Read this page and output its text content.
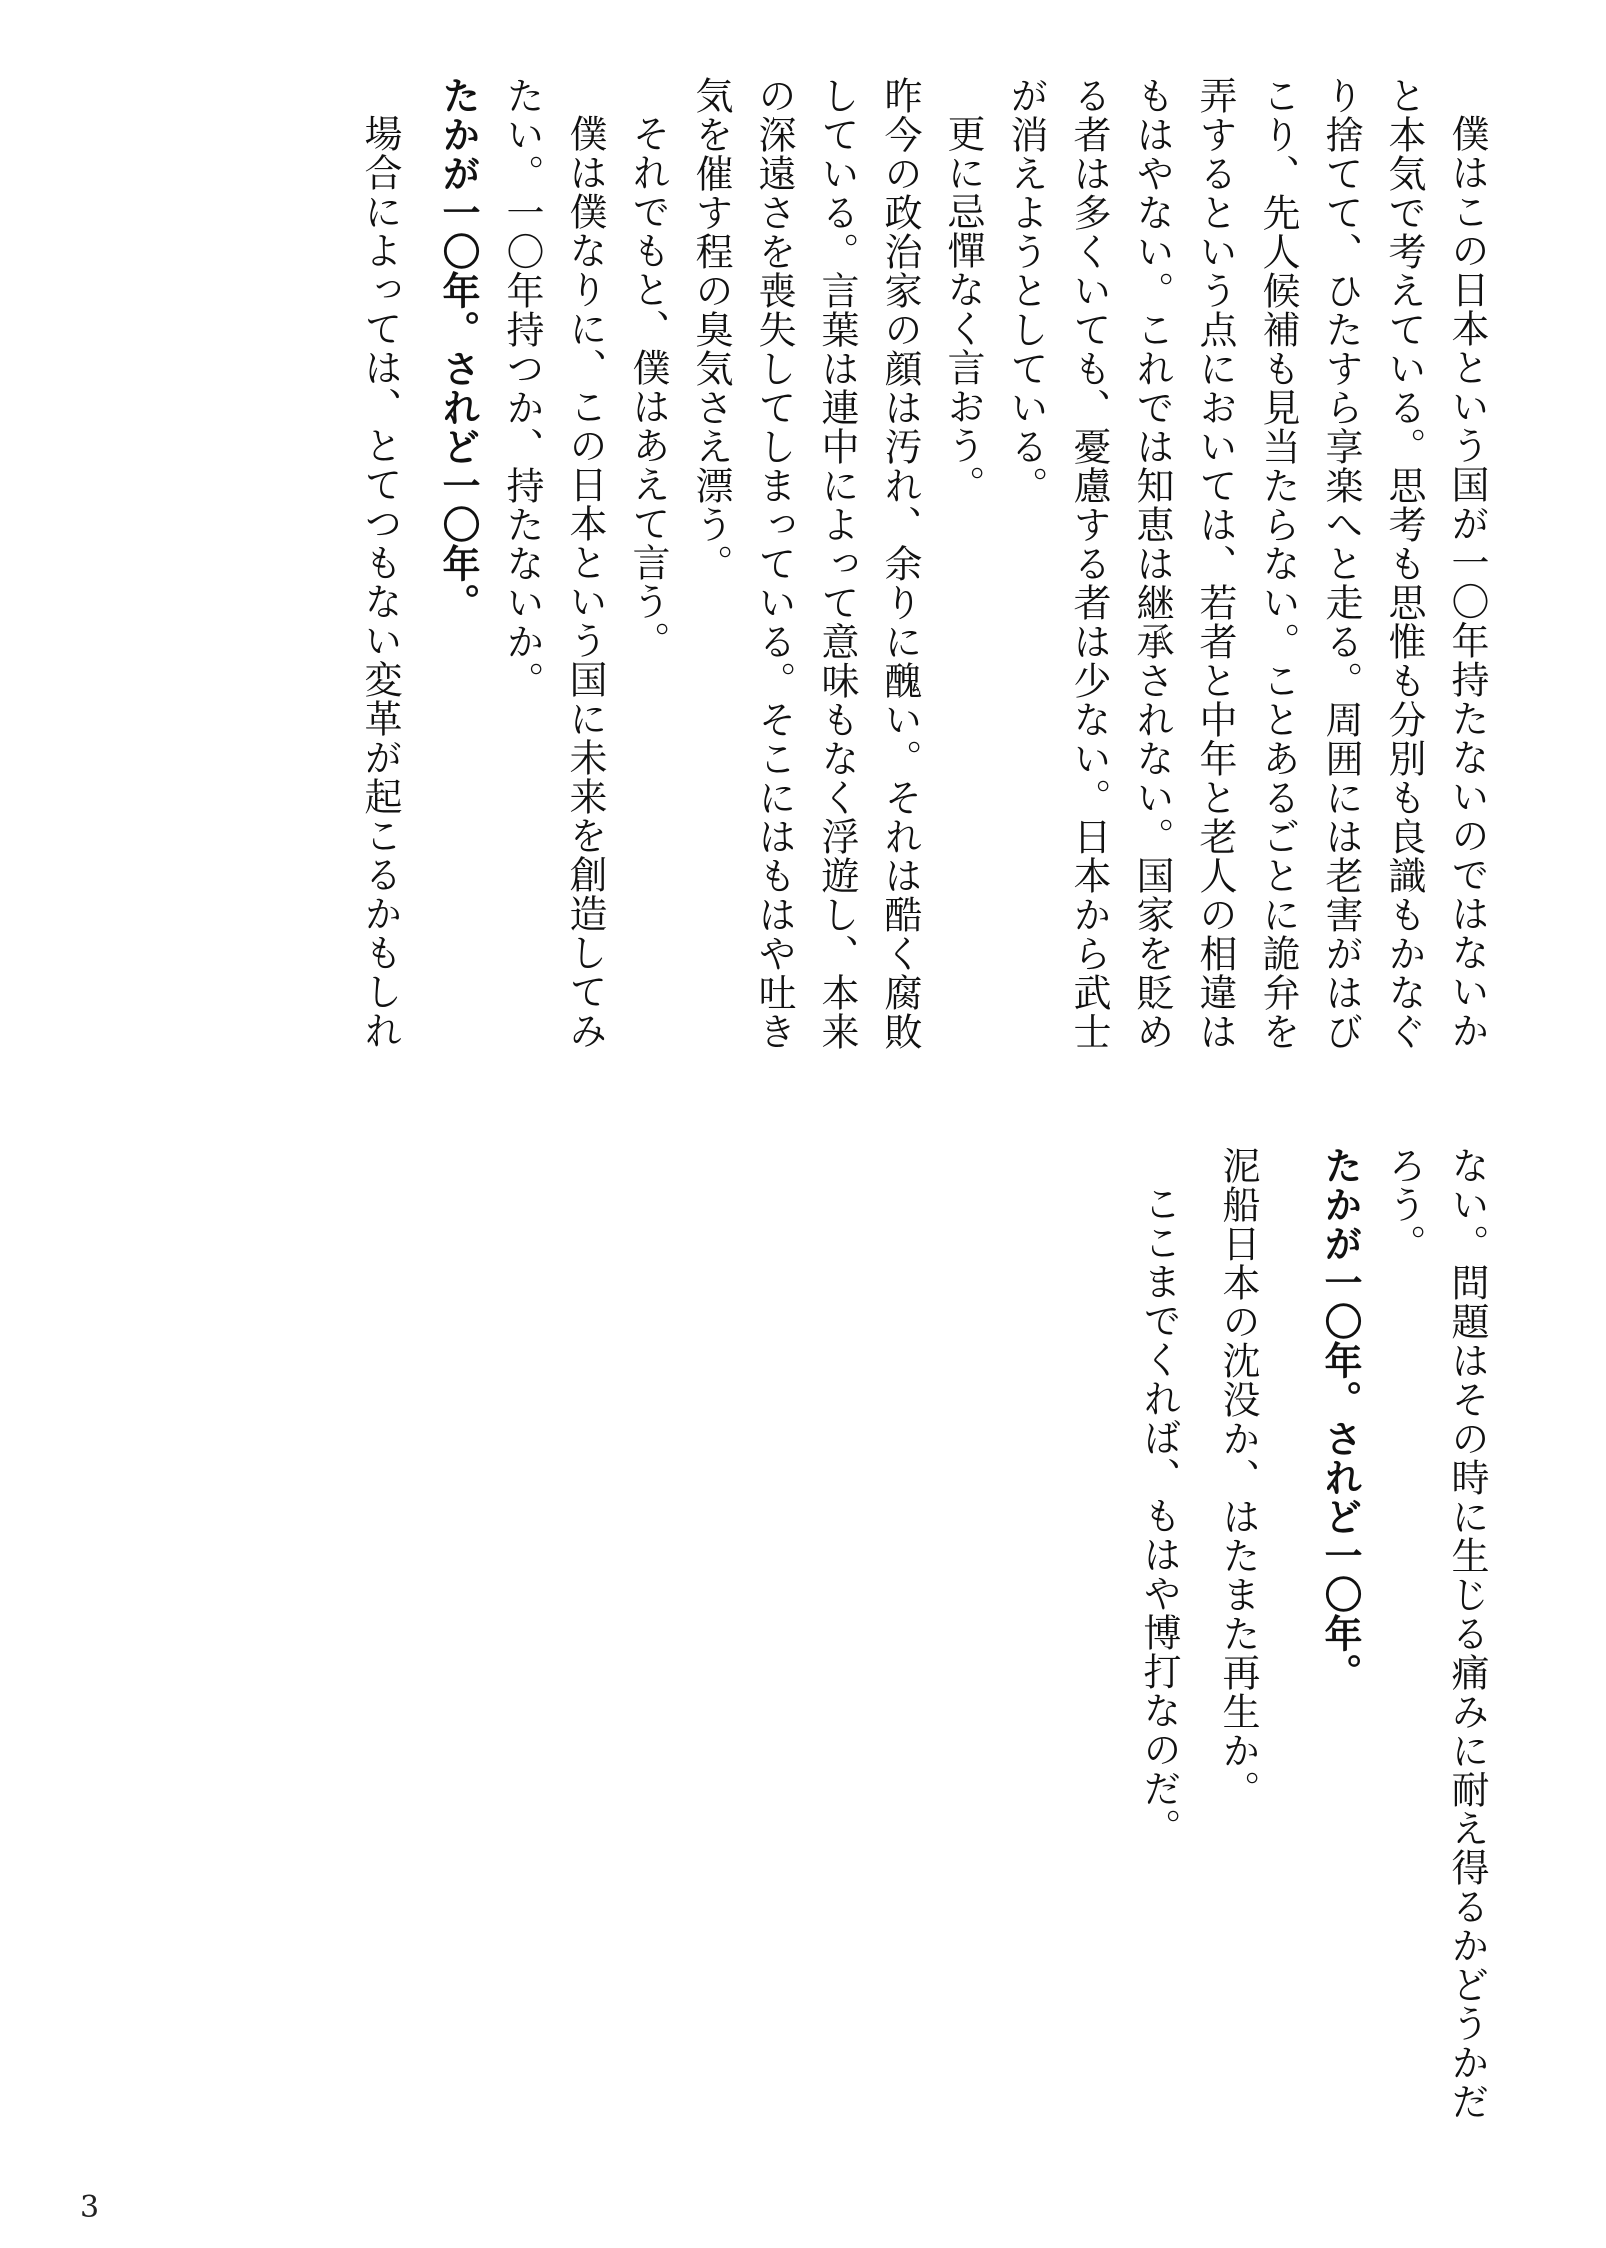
僕はこの日本という国が一〇年持たないのではないかと本気で考えている。思考も思惟も分別も良識もかなぐり捨てて、ひたすら享楽へと走る。周囲には老害がはびこり、先人候補も見当たらない。ことあるごとに詭弁を弄するという点においては、若者と中年と老人の相違はもはやない。これでは知恵は継承されない。国家を貶める者は多くいても、憂慮する者は少ない。日本から武士が消えようとしている。

更に忌憚なく言おう。

昨今の政治家の顔は汚れ、余りに醜い。それは酷く腐敗している。言葉は連中によって意味もなく浮遊し、本来の深遠さを喪失してしまっている。そこにはもはや吐き気を催す程の臭気さえ漂う。

それでもと、僕はあえて言う。

僕は僕なりに、この日本という国に未来を創造してみたい。一〇年持つか、持たないか。

たかが一〇年。されど一〇年。

場合によっては、とてつもない変革が起こるかもしれ

ない。問題はその時に生じる痛みに耐え得るかどうかだろう。

たかが一〇年。されど一〇年。

泥船日本の沈没か、はたまた再生か。

ここまでくれば、もはや博打なのだ。

3
